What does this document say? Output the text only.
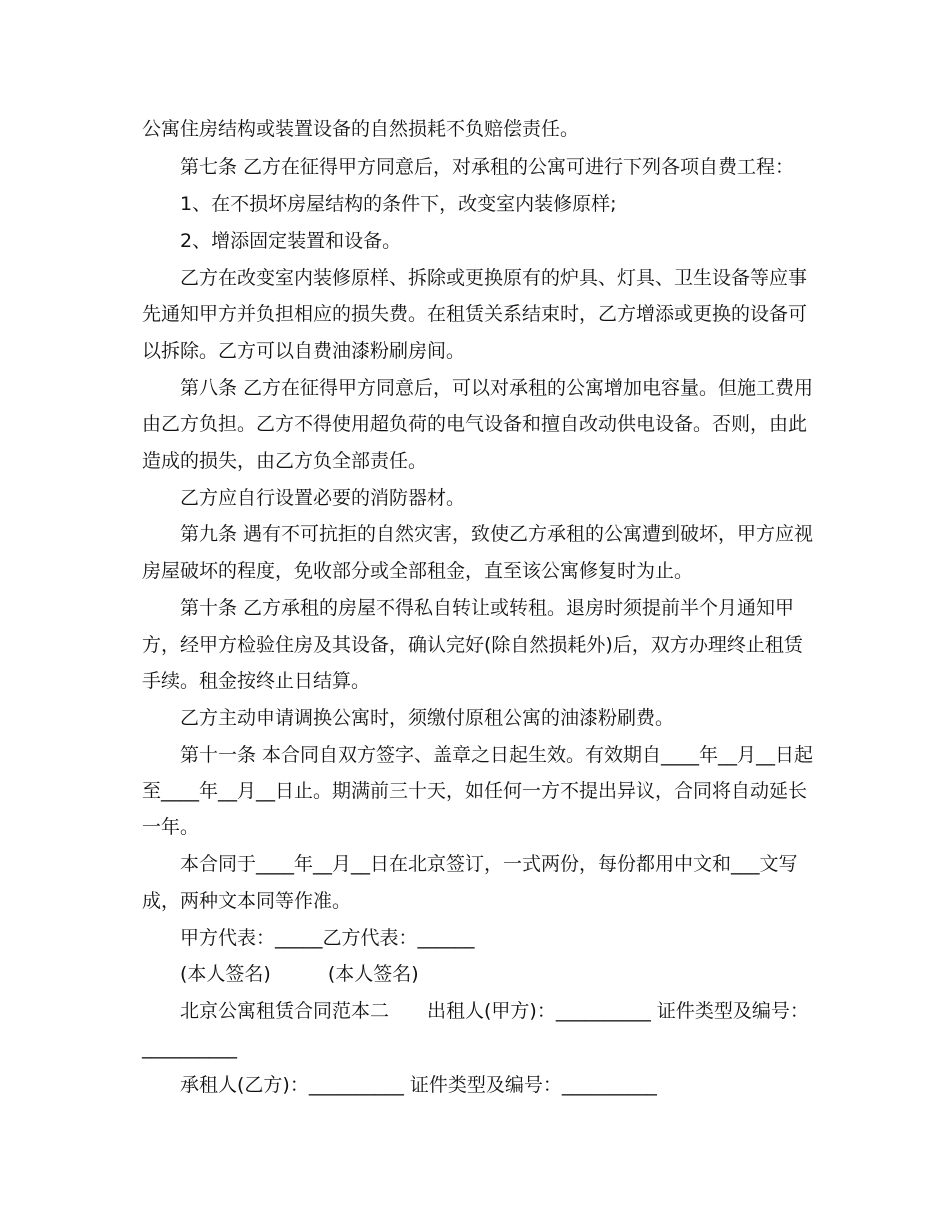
公寓住房结构或装置设备的自然损耗不负赔偿责任。
第七条 乙方在征得甲方同意后，对承租的公寓可进行下列各项自费工程：
1、在不损坏房屋结构的条件下，改变室内装修原样;
2、增添固定装置和设备。
乙方在改变室内装修原样、拆除或更换原有的炉具、灯具、卫生设备等应事
先通知甲方并负担相应的损失费。在租赁关系结束时，乙方增添或更换的设备可
以拆除。乙方可以自费油漆粉刷房间。
第八条 乙方在征得甲方同意后，可以对承租的公寓增加电容量。但施工费用
由乙方负担。乙方不得使用超负荷的电气设备和擅自改动供电设备。否则，由此
造成的损失，由乙方负全部责任。
乙方应自行设置必要的消防器材。
第九条 遇有不可抗拒的自然灾害，致使乙方承租的公寓遭到破坏，甲方应视
房屋破坏的程度，免收部分或全部租金，直至该公寓修复时为止。
第十条 乙方承租的房屋不得私自转让或转租。退房时须提前半个月通知甲
方，经甲方检验住房及其设备，确认完好(除自然损耗外)后，双方办理终止租赁
手续。租金按终止日结算。
乙方主动申请调换公寓时，须缴付原租公寓的油漆粉刷费。
第十一条 本合同自双方签字、盖章之日起生效。有效期自____年__月__日起
至____年__月__日止。期满前三十天，如任何一方不提出异议，合同将自动延长
一年。
本合同于____年__月__日在北京签订，一式两份，每份都用中文和___文写
成，两种文本同等作准。
甲方代表：_____乙方代表：______
(本人签名)　　　(本人签名)
北京公寓租赁合同范本二　　出租人(甲方)：__________ 证件类型及编号：
__________
承租人(乙方)：__________ 证件类型及编号：__________
